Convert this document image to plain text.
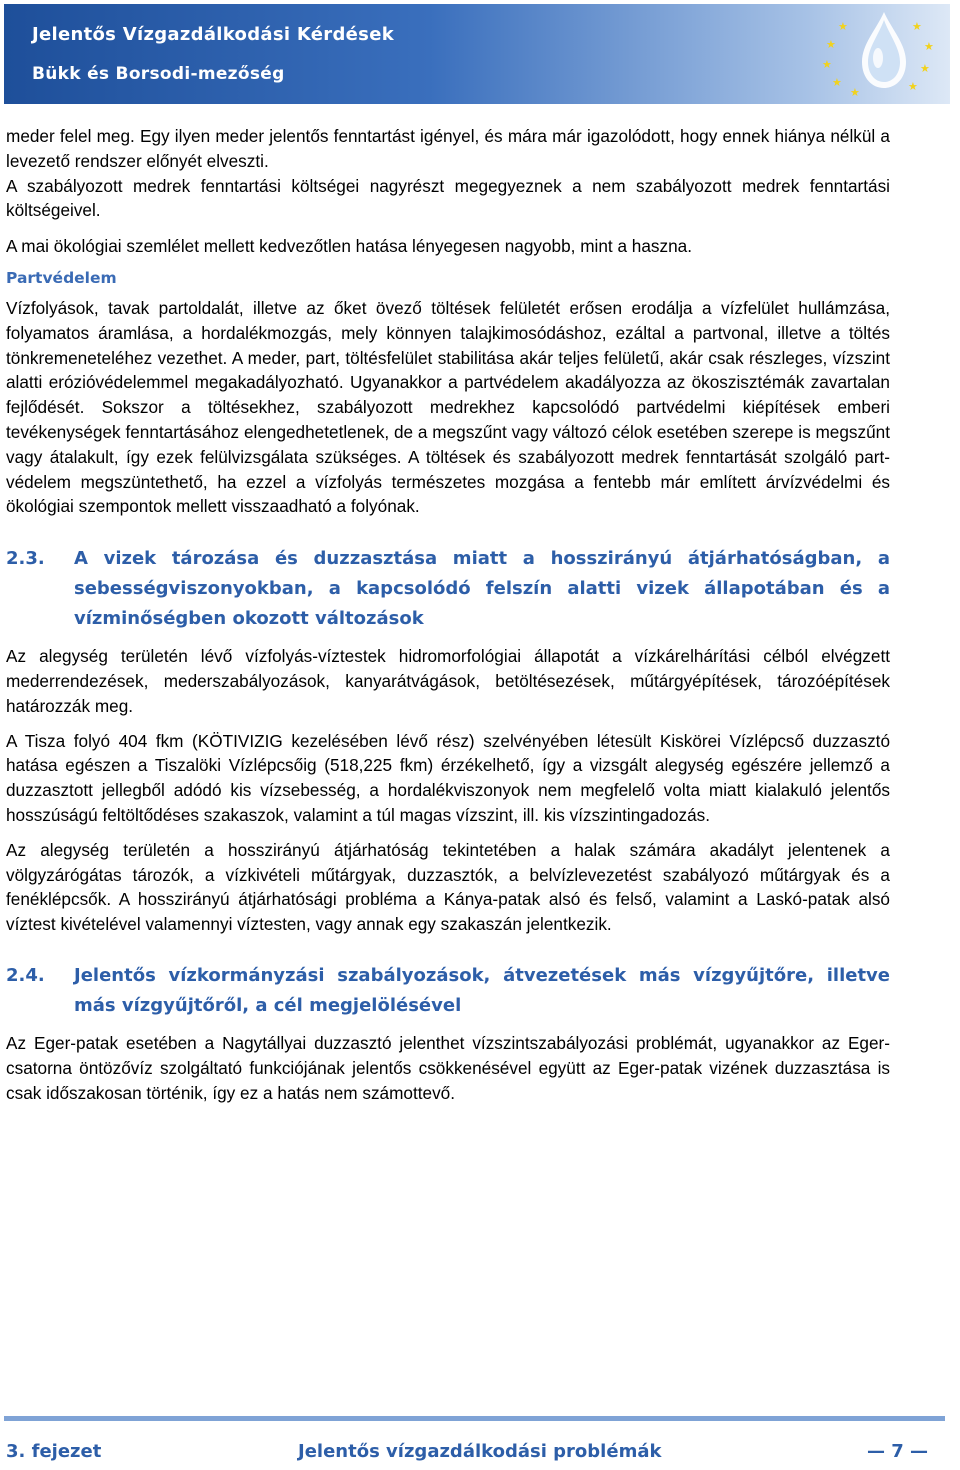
Jelentős Vízgazdálkodási Kérdések
Bükk és Borsodi-mezőség
★
★
★
★
★
★
★
★
★

meder felel meg. Egy ilyen meder jelentős fenntartást igényel, és mára már igazolódott, hogy ennek hiánya nélkül a levezető rendszer előnyét elveszti.

A szabályozott medrek fenntartási költségei nagyrészt megegyeznek a nem szabályozott medrek fenntartási költségeivel.

A mai ökológiai szemlélet mellett kedvezőtlen hatása lényegesen nagyobb, mint a haszna.

Partvédelem

Vízfolyások, tavak partoldalát, illetve az őket övező töltések felületét erősen erodálja a vízfelület hullámzása, folyamatos áramlása, a hordalékmozgás, mely könnyen talajkimosódáshoz, ezáltal a partvonal, illetve a töltés tönkremeneteléhez vezethet. A meder, part, töltésfelület stabilitása akár teljes felületű, akár csak részleges, vízszint alatti erózióvédelemmel megakadályozható. Ugyanakkor a partvédelem akadályozza az ökoszisztémák zavartalan fejlődését. Sokszor a töltésekhez, szabályozott medrekhez kapcsolódó partvédelmi kiépítések emberi tevékenységek fenntartásához elengedhetetlenek, de a megszűnt vagy változó célok esetében szerepe is megszűnt vagy átalakult, így ezek felülvizsgálata szükséges. A töltések és szabályozott medrek fenntartását szolgáló part-védelem megszüntethető, ha ezzel a vízfolyás természetes mozgása a fentebb már említett árvízvédelmi és ökológiai szempontok mellett visszaadható a folyónak.

2.3.	A vizek tározása és duzzasztása miatt a hosszirányú átjárhatóságban, a sebességviszonyokban, a kapcsolódó felszín alatti vizek állapotában és a vízminőségben okozott változások

Az alegység területén lévő vízfolyás-víztestek hidromorfológiai állapotát a vízkárelhárítási célból elvégzett mederrendezések, mederszabályozások, kanyarátvágások, betöltésezések, műtárgyépítések, tározóépítések határozzák meg.

A Tisza folyó 404 fkm (KÖTIVIZIG kezelésében lévő rész) szelvényében létesült Kiskörei Vízlépcső duzzasztó hatása egészen a Tiszalöki Vízlépcsőig (518,225 fkm) érzékelhető, így a vizsgált alegység egészére jellemző a duzzasztott jellegből adódó kis vízsebesség, a hordalékviszonyok nem megfelelő volta miatt kialakuló jelentős hosszúságú feltöltődéses szakaszok, valamint a túl magas vízszint, ill. kis vízszintingadozás.

Az alegység területén a hosszirányú átjárhatóság tekintetében a halak számára akadályt jelentenek a völgyzárógátas tározók, a vízkivételi műtárgyak, duzzasztók, a belvízlevezetést szabályozó műtárgyak és a fenéklépcsők. A hosszirányú átjárhatósági probléma a Kánya-patak alsó és felső, valamint a Laskó-patak alsó víztest kivételével valamennyi víztesten, vagy annak egy szakaszán jelentkezik.

2.4.	Jelentős vízkormányzási szabályozások, átvezetések más vízgyűjtőre, illetve más vízgyűjtőről, a cél megjelölésével

Az Eger-patak esetében a Nagytállyai duzzasztó jelenthet vízszintszabályozási problémát, ugyanakkor az Eger-csatorna öntözővíz szolgáltató funkciójának jelentős csökkenésével együtt az Eger-patak vizének duzzasztása is csak időszakosan történik, így ez a hatás nem számottevő.

3. fejezet	Jelentős vízgazdálkodási problémák	— 7 —
